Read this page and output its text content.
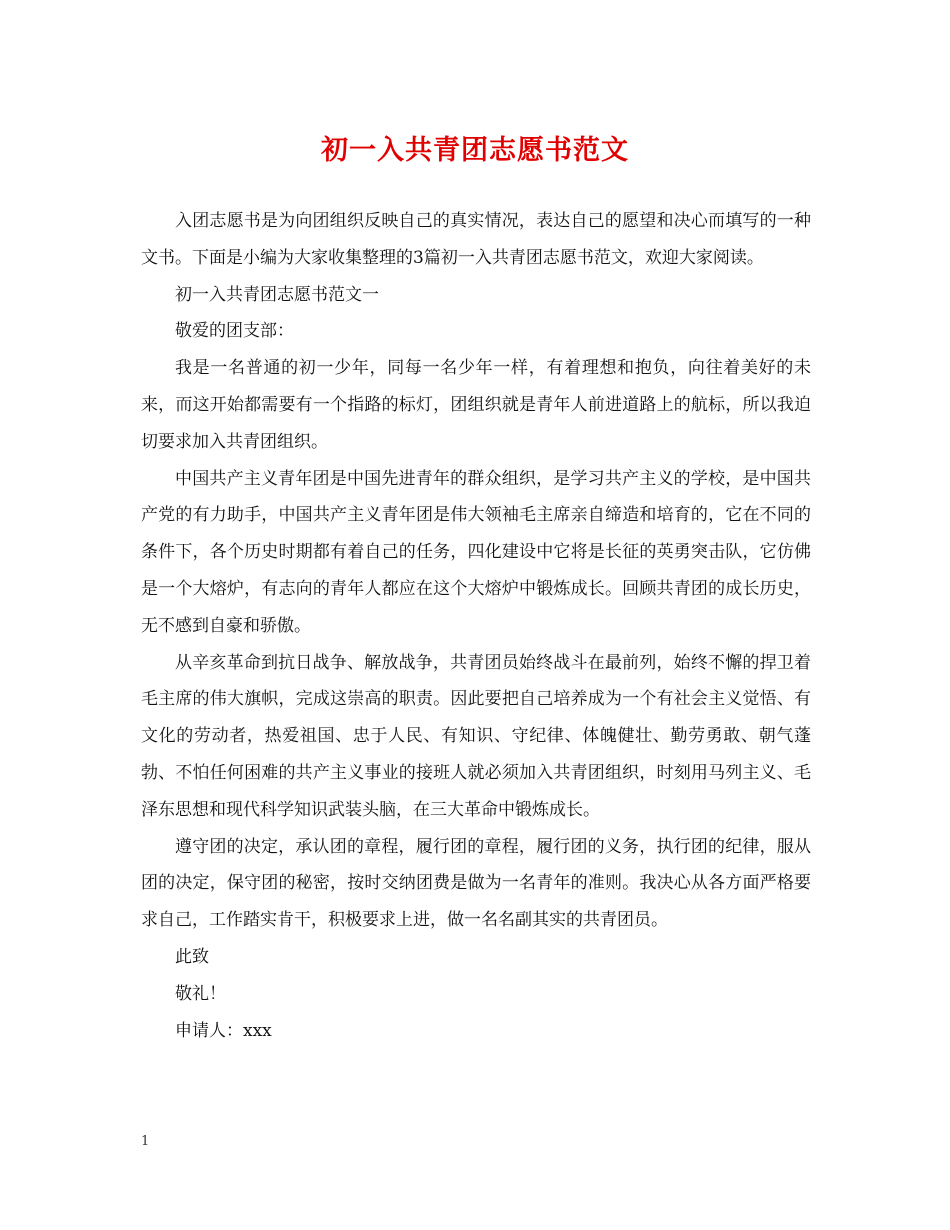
初一入共青团志愿书范文

入团志愿书是为向团组织反映自己的真实情况，表达自己的愿望和决心而填写的一种文书。下面是小编为大家收集整理的3篇初一入共青团志愿书范文，欢迎大家阅读。

初一入共青团志愿书范文一

敬爱的团支部：

我是一名普通的初一少年，同每一名少年一样，有着理想和抱负，向往着美好的未来，而这开始都需要有一个指路的标灯，团组织就是青年人前进道路上的航标，所以我迫切要求加入共青团组织。

中国共产主义青年团是中国先进青年的群众组织，是学习共产主义的学校，是中国共产党的有力助手，中国共产主义青年团是伟大领袖毛主席亲自缔造和培育的，它在不同的条件下，各个历史时期都有着自己的任务，四化建设中它将是长征的英勇突击队，它仿佛是一个大熔炉，有志向的青年人都应在这个大熔炉中锻炼成长。回顾共青团的成长历史，无不感到自豪和骄傲。

从辛亥革命到抗日战争、解放战争，共青团员始终战斗在最前列，始终不懈的捍卫着毛主席的伟大旗帜，完成这崇高的职责。因此要把自己培养成为一个有社会主义觉悟、有文化的劳动者，热爱祖国、忠于人民、有知识、守纪律、体魄健壮、勤劳勇敢、朝气蓬勃、不怕任何困难的共产主义事业的接班人就必须加入共青团组织，时刻用马列主义、毛泽东思想和现代科学知识武装头脑，在三大革命中锻炼成长。

遵守团的决定，承认团的章程，履行团的章程，履行团的义务，执行团的纪律，服从团的决定，保守团的秘密，按时交纳团费是做为一名青年的准则。我决心从各方面严格要求自己，工作踏实肯干，积极要求上进，做一名名副其实的共青团员。

此致

敬礼！

申请人：xxx

1
